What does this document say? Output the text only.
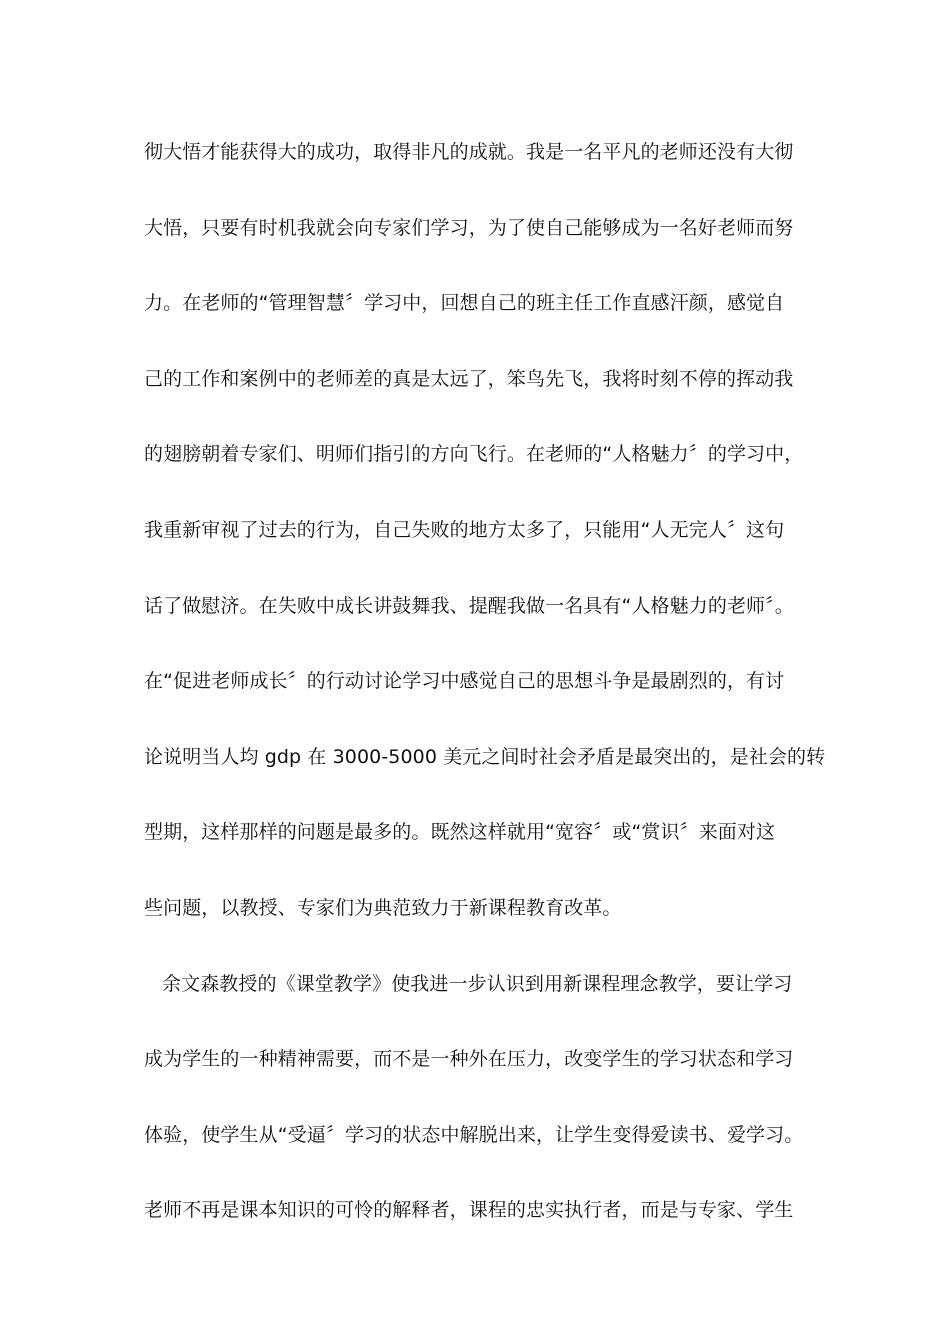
彻大悟才能获得大的成功，取得非凡的成就。我是一名平凡的老师还没有大彻
大悟，只要有时机我就会向专家们学习，为了使自己能够成为一名好老师而努
力。在老师的“管理智慧〞学习中，回想自己的班主任工作直感汗颜，感觉自
己的工作和案例中的老师差的真是太远了，笨鸟先飞，我将时刻不停的挥动我
的翅膀朝着专家们、明师们指引的方向飞行。在老师的“人格魅力〞的学习中，
我重新审视了过去的行为，自己失败的地方太多了，只能用“人无完人〞这句
话了做慰济。在失败中成长讲鼓舞我、提醒我做一名具有“人格魅力的老师〞。
在“促进老师成长〞的行动讨论学习中感觉自己的思想斗争是最剧烈的，有讨
论说明当人均 gdp 在 3000-5000 美元之间时社会矛盾是最突出的，是社会的转
型期，这样那样的问题是最多的。既然这样就用“宽容〞或“赏识〞来面对这
些问题，以教授、专家们为典范致力于新课程教育改革。
余文森教授的《课堂教学》使我进一步认识到用新课程理念教学，要让学习
成为学生的一种精神需要，而不是一种外在压力，改变学生的学习状态和学习
体验，使学生从“受逼〞学习的状态中解脱出来，让学生变得爱读书、爱学习。
老师不再是课本知识的可怜的解释者，课程的忠实执行者，而是与专家、学生
